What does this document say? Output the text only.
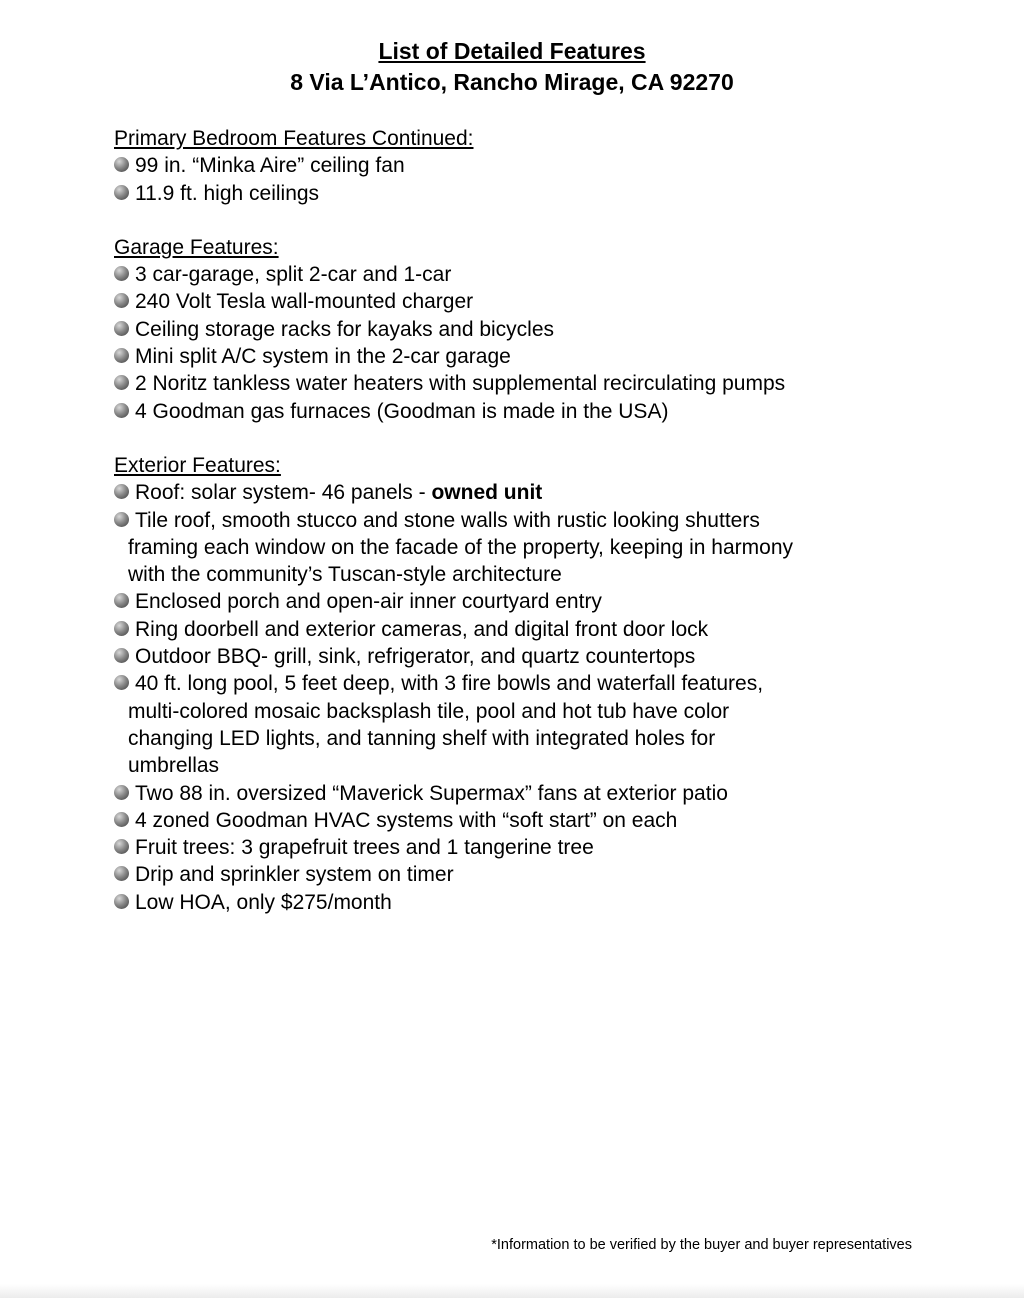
List of Detailed Features

8 Via L’Antico, Rancho Mirage, CA 92270

Primary Bedroom Features Continued:

99 in. “Minka Aire” ceiling fan
11.9 ft. high ceilings

Garage Features:

3 car-garage, split 2-car and 1-car
240 Volt Tesla wall-mounted charger
Ceiling storage racks for kayaks and bicycles
Mini split A/C system in the 2-car garage
2 Noritz tankless water heaters with supplemental recirculating pumps
4 Goodman gas furnaces (Goodman is made in the USA)

Exterior Features:

Roof: solar system- 46 panels - owned unit
Tile roof, smooth stucco and stone walls with rustic looking shutters
framing each window on the facade of the property, keeping in harmony
with the community’s Tuscan-style architecture
Enclosed porch and open-air inner courtyard entry
Ring doorbell and exterior cameras, and digital front door lock
Outdoor BBQ- grill, sink, refrigerator, and quartz countertops
40 ft. long pool, 5 feet deep, with 3 fire bowls and waterfall features,
multi-colored mosaic backsplash tile, pool and hot tub have color
changing LED lights, and tanning shelf with integrated holes for
umbrellas
Two 88 in. oversized “Maverick Supermax” fans at exterior patio
4 zoned Goodman HVAC systems with “soft start” on each
Fruit trees: 3 grapefruit trees and 1 tangerine tree
Drip and sprinkler system on timer
Low HOA, only $275/month

*Information to be verified by the buyer and buyer representatives
